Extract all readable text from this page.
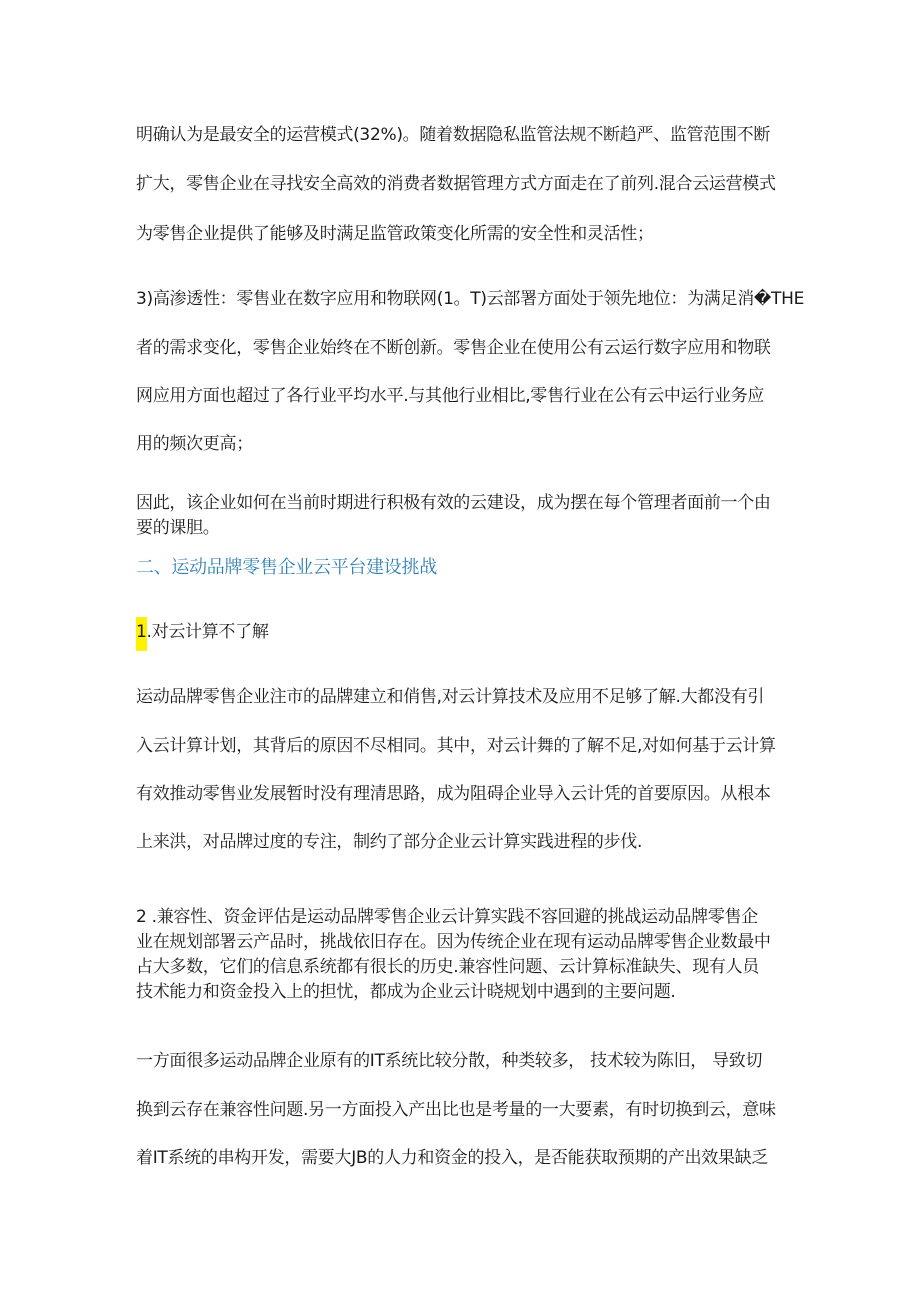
明确认为是最安全的运营模式(32%)。随着数据隐私监管法规不断趋严、监管范围不断
扩大，零售企业在寻找安全高效的消费者数据管理方式方面走在了前列.混合云运营模式
为零售企业提供了能够及时满足监管政策变化所需的安全性和灵活性；
3)高渗透性：零售业在数字应用和物联网(1。T)云部署方面处于领先地位：为满足消�THE
者的需求变化，零售企业始终在不断创新。零售企业在使用公有云运行数字应用和物联
网应用方面也超过了各行业平均水平.与其他行业相比,零售行业在公有云中运行业务应
用的频次更高；
因此，该企业如何在当前时期进行积极有效的云建设，成为摆在每个管理者面前一个由
要的课胆。
二、运动品牌零售企业云平台建设挑战
1.对云计算不了解
运动品牌零售企业注市的品牌建立和俏售,对云计算技术及应用不足够了解.大都没有引
入云计算计划，其背后的原因不尽相同。其中，对云计舞的了解不足,对如何基于云计算
有效推动零售业发展暂时没有理清思路，成为阻碍企业导入云计凭的首要原因。从根本
上来洪，对品牌过度的专注，制约了部分企业云计算实践进程的步伐.
2 .兼容性、资金评估是运动品牌零售企业云计算实践不容回避的挑战运动品牌零售企
业在规划部署云产品时，挑战依旧存在。因为传统企业在现有运动品牌零售企业数最中
占大多数，它们的信息系统都有很长的历史.兼容性问题、云计算标准缺失、现有人员
技术能力和资金投入上的担忧，都成为企业云计晓规划中遇到的主要问题.
一方面很多运动品牌企业原有的IT系统比较分散，种类较多， 技术较为陈旧， 导致切
换到云存在兼容性问题.另一方面投入产出比也是考量的一大要素，有时切换到云，意味
着IT系统的串构开发，需要大JB的人力和资金的投入，是否能获取预期的产出效果缺乏
